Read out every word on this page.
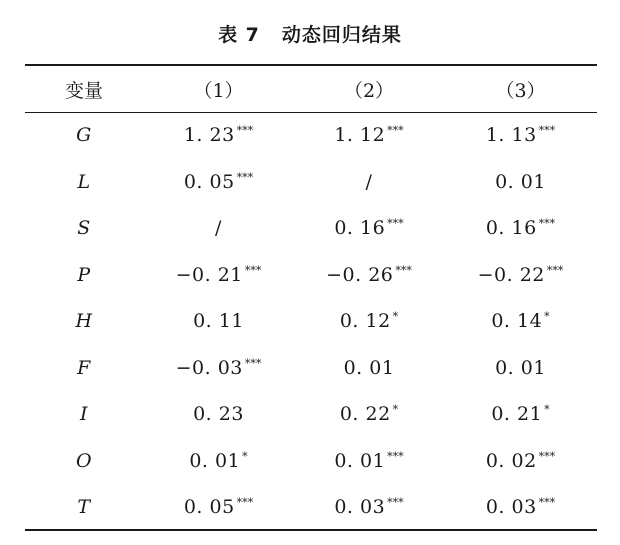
表 7 动态回归结果
变量	（1）	（2）	（3）
G	1. 23 ***	1. 12 ***	1. 13 ***
L	0. 05 ***	/	0. 01
S	/	0. 16 ***	0. 16 ***
P	−0. 21 ***	−0. 26 ***	−0. 22 ***
H	0. 11	0. 12 *	0. 14 *
F	−0. 03 ***	0. 01	0. 01
I	0. 23	0. 22 *	0. 21 *
O	0. 01 *	0. 01 ***	0. 02 ***
T	0. 05 ***	0. 03 ***	0. 03 ***
